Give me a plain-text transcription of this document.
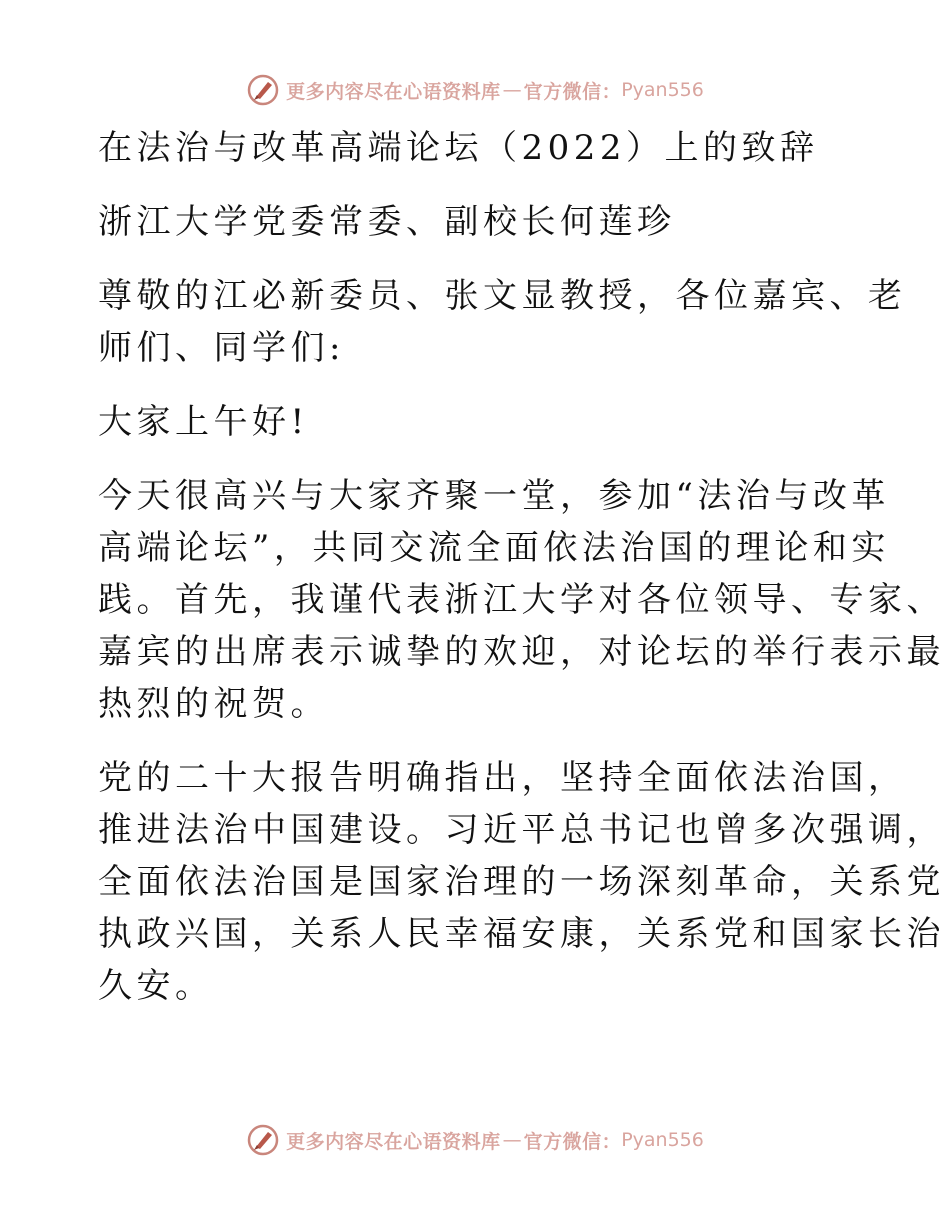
更多内容尽在心语资料库 — 官方微信： Pyan556

在法治与改革高端论坛（2022）上的致辞

浙江大学党委常委、副校长何莲珍

尊敬的江必新委员、张文显教授，各位嘉宾、老

师们、同学们:

大家上午好!

今天很高兴与大家齐聚一堂，参加“法治与改革

高端论坛”，共同交流全面依法治国的理论和实

践。首先，我谨代表浙江大学对各位领导、专家、

嘉宾的出席表示诚挚的欢迎，对论坛的举行表示最

热烈的祝贺。

党的二十大报告明确指出，坚持全面依法治国，

推进法治中国建设。习近平总书记也曾多次强调，

全面依法治国是国家治理的一场深刻革命，关系党

执政兴国，关系人民幸福安康，关系党和国家长治

久安。

更多内容尽在心语资料库 — 官方微信： Pyan556
